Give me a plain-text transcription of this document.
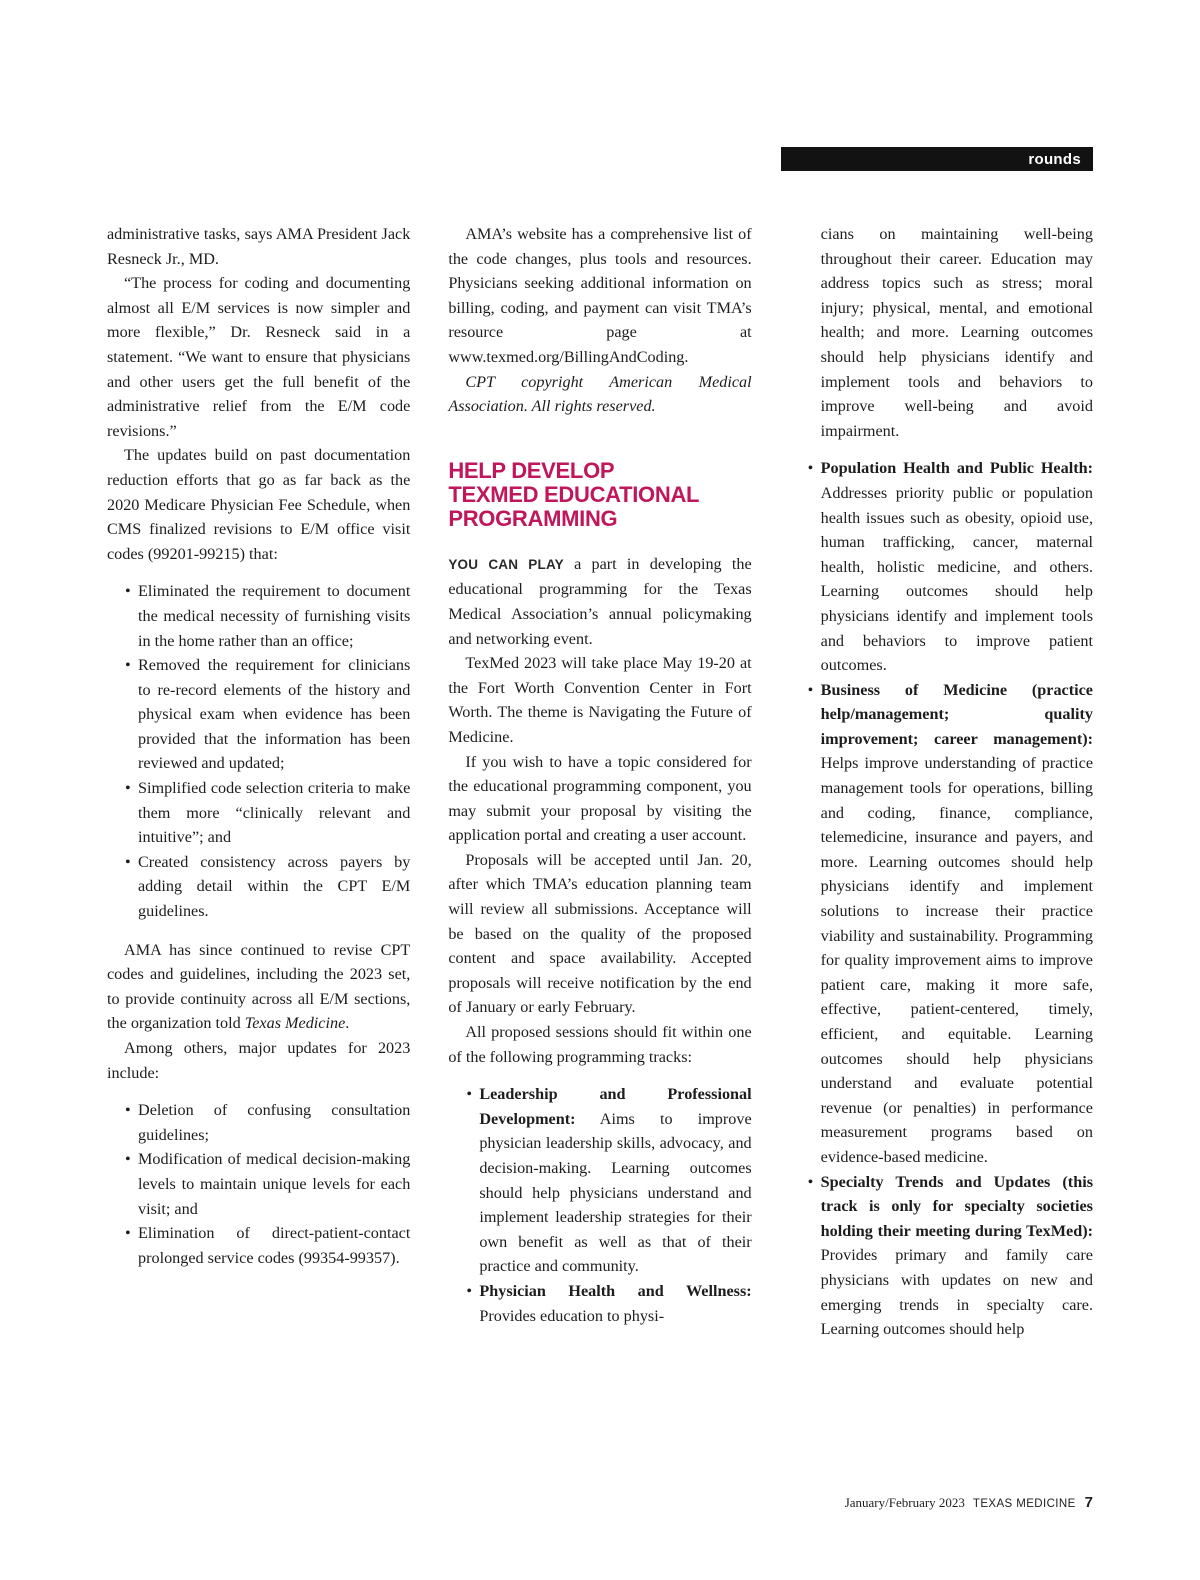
rounds

administrative tasks, says AMA President Jack Resneck Jr., MD.

“The process for coding and documenting almost all E/M services is now simpler and more flexible,” Dr. Resneck said in a statement. “We want to ensure that physicians and other users get the full benefit of the administrative relief from the E/M code revisions.”

The updates build on past documentation reduction efforts that go as far back as the 2020 Medicare Physician Fee Schedule, when CMS finalized revisions to E/M office visit codes (99201-99215) that:

• Eliminated the requirement to document the medical necessity of furnishing visits in the home rather than an office;
• Removed the requirement for clinicians to re-record elements of the history and physical exam when evidence has been provided that the information has been reviewed and updated;
• Simplified code selection criteria to make them more “clinically relevant and intuitive”; and
• Created consistency across payers by adding detail within the CPT E/M guidelines.

AMA has since continued to revise CPT codes and guidelines, including the 2023 set, to provide continuity across all E/M sections, the organization told Texas Medicine.

Among others, major updates for 2023 include:

• Deletion of confusing consultation guidelines;
• Modification of medical decision-making levels to maintain unique levels for each visit; and
• Elimination of direct-patient-contact prolonged service codes (99354-99357).

AMA’s website has a comprehensive list of the code changes, plus tools and resources. Physicians seeking additional information on billing, coding, and payment can visit TMA’s resource page at www.texmed.org/BillingAndCoding.

CPT copyright American Medical Association. All rights reserved.

HELP DEVELOP
TEXMED EDUCATIONAL
PROGRAMMING

YOU CAN PLAY a part in developing the educational programming for the Texas Medical Association’s annual policymaking and networking event.

TexMed 2023 will take place May 19-20 at the Fort Worth Convention Center in Fort Worth. The theme is Navigating the Future of Medicine.

If you wish to have a topic considered for the educational programming component, you may submit your proposal by visiting the application portal and creating a user account.

Proposals will be accepted until Jan. 20, after which TMA’s education planning team will review all submissions. Acceptance will be based on the quality of the proposed content and space availability. Accepted proposals will receive notification by the end of January or early February.

All proposed sessions should fit within one of the following programming tracks:

• Leadership and Professional Development: Aims to improve physician leadership skills, advocacy, and decision-making. Learning outcomes should help physicians understand and implement leadership strategies for their own benefit as well as that of their practice and community.
• Physician Health and Wellness: Provides education to physi-

cians on maintaining well-being throughout their career. Education may address topics such as stress; moral injury; physical, mental, and emotional health; and more. Learning outcomes should help physicians identify and implement tools and behaviors to improve well-being and avoid impairment.

• Population Health and Public Health: Addresses priority public or population health issues such as obesity, opioid use, human trafficking, cancer, maternal health, holistic medicine, and others. Learning outcomes should help physicians identify and implement tools and behaviors to improve patient outcomes.
• Business of Medicine (practice help/management; quality improvement; career management): Helps improve understanding of practice management tools for operations, billing and coding, finance, compliance, telemedicine, insurance and payers, and more. Learning outcomes should help physicians identify and implement solutions to increase their practice viability and sustainability. Programming for quality improvement aims to improve patient care, making it more safe, effective, patient-centered, timely, efficient, and equitable. Learning outcomes should help physicians understand and evaluate potential revenue (or penalties) in performance measurement programs based on evidence-based medicine.
• Specialty Trends and Updates (this track is only for specialty societies holding their meeting during TexMed): Provides primary and family care physicians with updates on new and emerging trends in specialty care. Learning outcomes should help
January/February 2023 TEXAS MEDICINE 7
